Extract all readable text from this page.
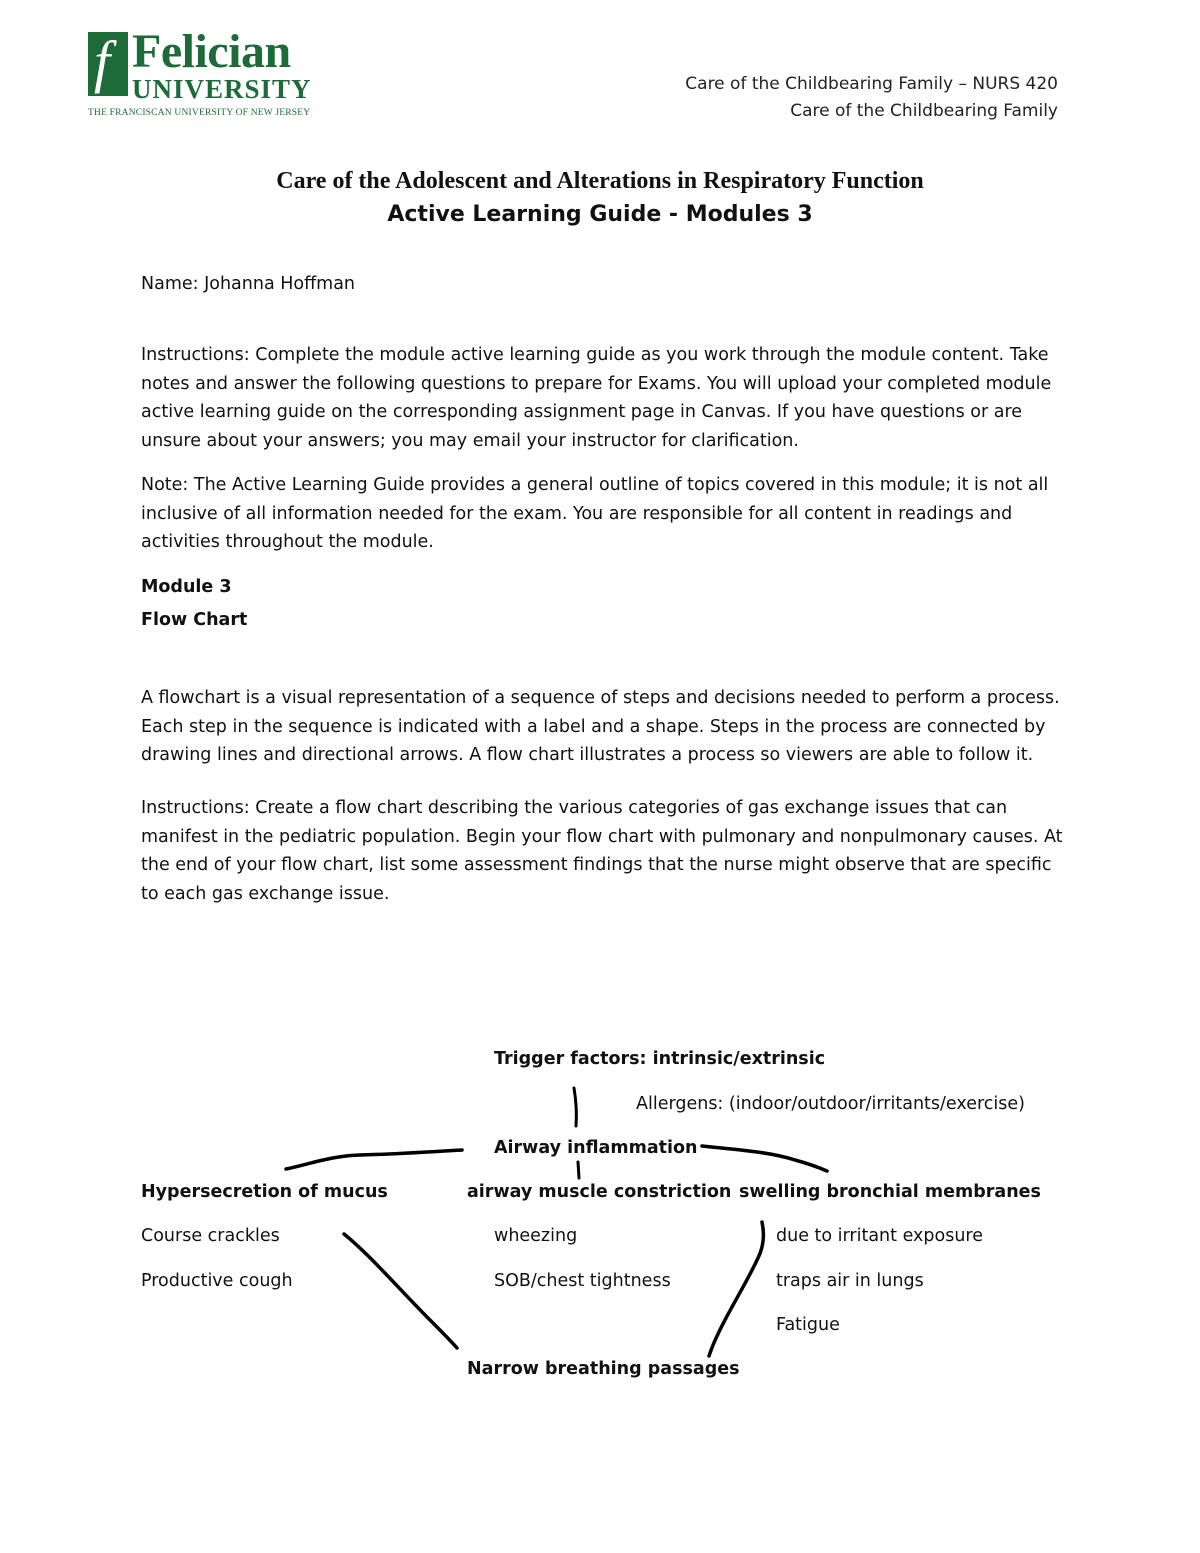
f Felician
UNIVERSITY
THE FRANCISCAN UNIVERSITY OF NEW JERSEY
Care of the Childbearing Family – NURS 420
Care of the Childbearing Family
Care of the Adolescent and Alterations in Respiratory Function
Active Learning Guide - Modules 3
Name: Johanna Hoffman
Instructions: Complete the module active learning guide as you work through the module content. Take notes and answer the following questions to prepare for Exams. You will upload your completed module active learning guide on the corresponding assignment page in Canvas. If you have questions or are unsure about your answers; you may email your instructor for clarification.
Note: The Active Learning Guide provides a general outline of topics covered in this module; it is not all inclusive of all information needed for the exam. You are responsible for all content in readings and activities throughout the module.
Module 3
Flow Chart
A flowchart is a visual representation of a sequence of steps and decisions needed to perform a process. Each step in the sequence is indicated with a label and a shape. Steps in the process are connected by drawing lines and directional arrows. A flow chart illustrates a process so viewers are able to follow it.
Instructions: Create a flow chart describing the various categories of gas exchange issues that can manifest in the pediatric population. Begin your flow chart with pulmonary and nonpulmonary causes. At the end of your flow chart, list some assessment findings that the nurse might observe that are specific to each gas exchange issue.
Trigger factors: intrinsic/extrinsic
Allergens: (indoor/outdoor/irritants/exercise)
Airway inflammation
Hypersecretion of mucus	airway muscle constriction swelling bronchial membranes
Course crackles
Productive cough
wheezing
SOB/chest tightness
due to irritant exposure
traps air in lungs
Fatigue
Narrow breathing passages
